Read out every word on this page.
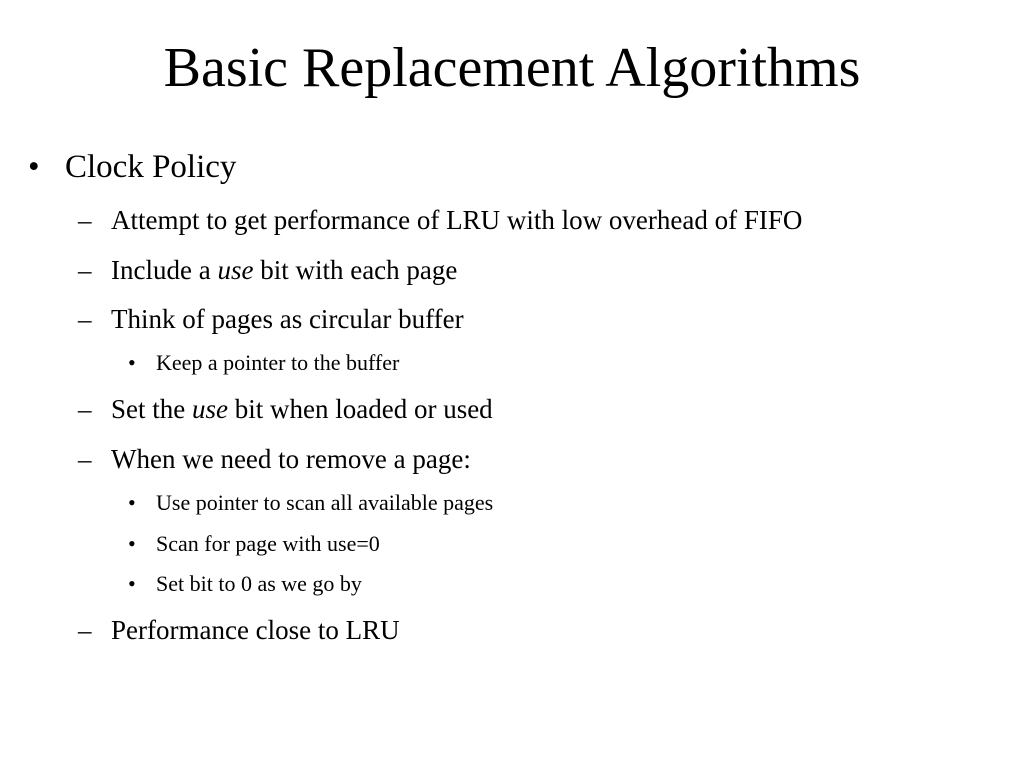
Basic Replacement Algorithms
• Clock Policy
– Attempt to get performance of LRU with low overhead of FIFO
– Include a use bit with each page
– Think of pages as circular buffer
• Keep a pointer to the buffer
– Set the use bit when loaded or used
– When we need to remove a page:
• Use pointer to scan all available pages
• Scan for page with use=0
• Set bit to 0 as we go by
– Performance close to LRU
